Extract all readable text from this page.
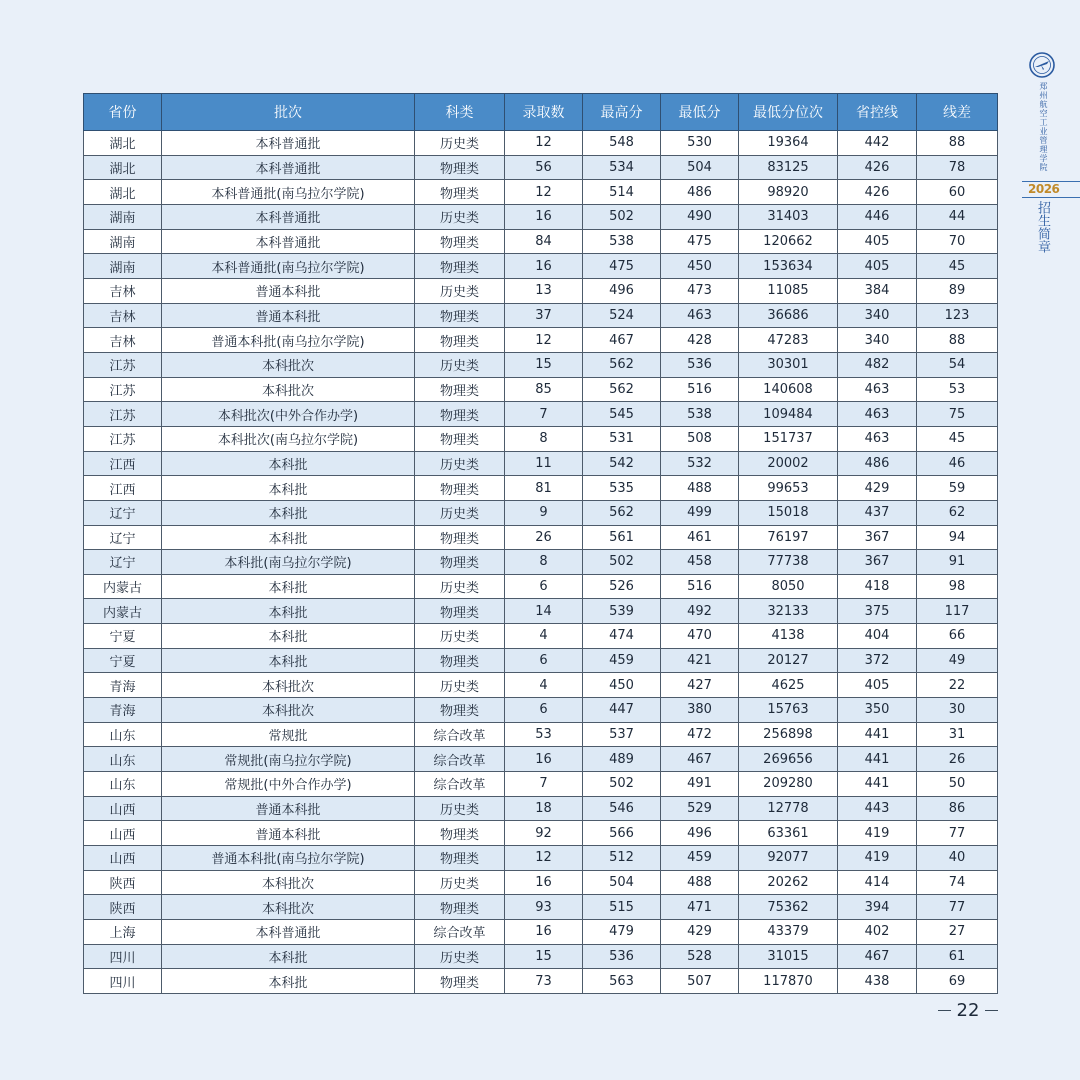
省份	批次	科类	录取数	最高分	最低分	最低分位次	省控线	线差
湖北	本科普通批	历史类	12	548	530	19364	442	88
湖北	本科普通批	物理类	56	534	504	83125	426	78
湖北	本科普通批(南乌拉尔学院)	物理类	12	514	486	98920	426	60
湖南	本科普通批	历史类	16	502	490	31403	446	44
湖南	本科普通批	物理类	84	538	475	120662	405	70
湖南	本科普通批(南乌拉尔学院)	物理类	16	475	450	153634	405	45
吉林	普通本科批	历史类	13	496	473	11085	384	89
吉林	普通本科批	物理类	37	524	463	36686	340	123
吉林	普通本科批(南乌拉尔学院)	物理类	12	467	428	47283	340	88
江苏	本科批次	历史类	15	562	536	30301	482	54
江苏	本科批次	物理类	85	562	516	140608	463	53
江苏	本科批次(中外合作办学)	物理类	7	545	538	109484	463	75
江苏	本科批次(南乌拉尔学院)	物理类	8	531	508	151737	463	45
江西	本科批	历史类	11	542	532	20002	486	46
江西	本科批	物理类	81	535	488	99653	429	59
辽宁	本科批	历史类	9	562	499	15018	437	62
辽宁	本科批	物理类	26	561	461	76197	367	94
辽宁	本科批(南乌拉尔学院)	物理类	8	502	458	77738	367	91
内蒙古	本科批	历史类	6	526	516	8050	418	98
内蒙古	本科批	物理类	14	539	492	32133	375	117
宁夏	本科批	历史类	4	474	470	4138	404	66
宁夏	本科批	物理类	6	459	421	20127	372	49
青海	本科批次	历史类	4	450	427	4625	405	22
青海	本科批次	物理类	6	447	380	15763	350	30
山东	常规批	综合改革	53	537	472	256898	441	31
山东	常规批(南乌拉尔学院)	综合改革	16	489	467	269656	441	26
山东	常规批(中外合作办学)	综合改革	7	502	491	209280	441	50
山西	普通本科批	历史类	18	546	529	12778	443	86
山西	普通本科批	物理类	92	566	496	63361	419	77
山西	普通本科批(南乌拉尔学院)	物理类	12	512	459	92077	419	40
陕西	本科批次	历史类	16	504	488	20262	414	74
陕西	本科批次	物理类	93	515	471	75362	394	77
上海	本科普通批	综合改革	16	479	429	43379	402	27
四川	本科批	历史类	15	536	528	31015	467	61
四川	本科批	物理类	73	563	507	117870	438	69
郑州航空工业管理学院
2026
招生简章
22
